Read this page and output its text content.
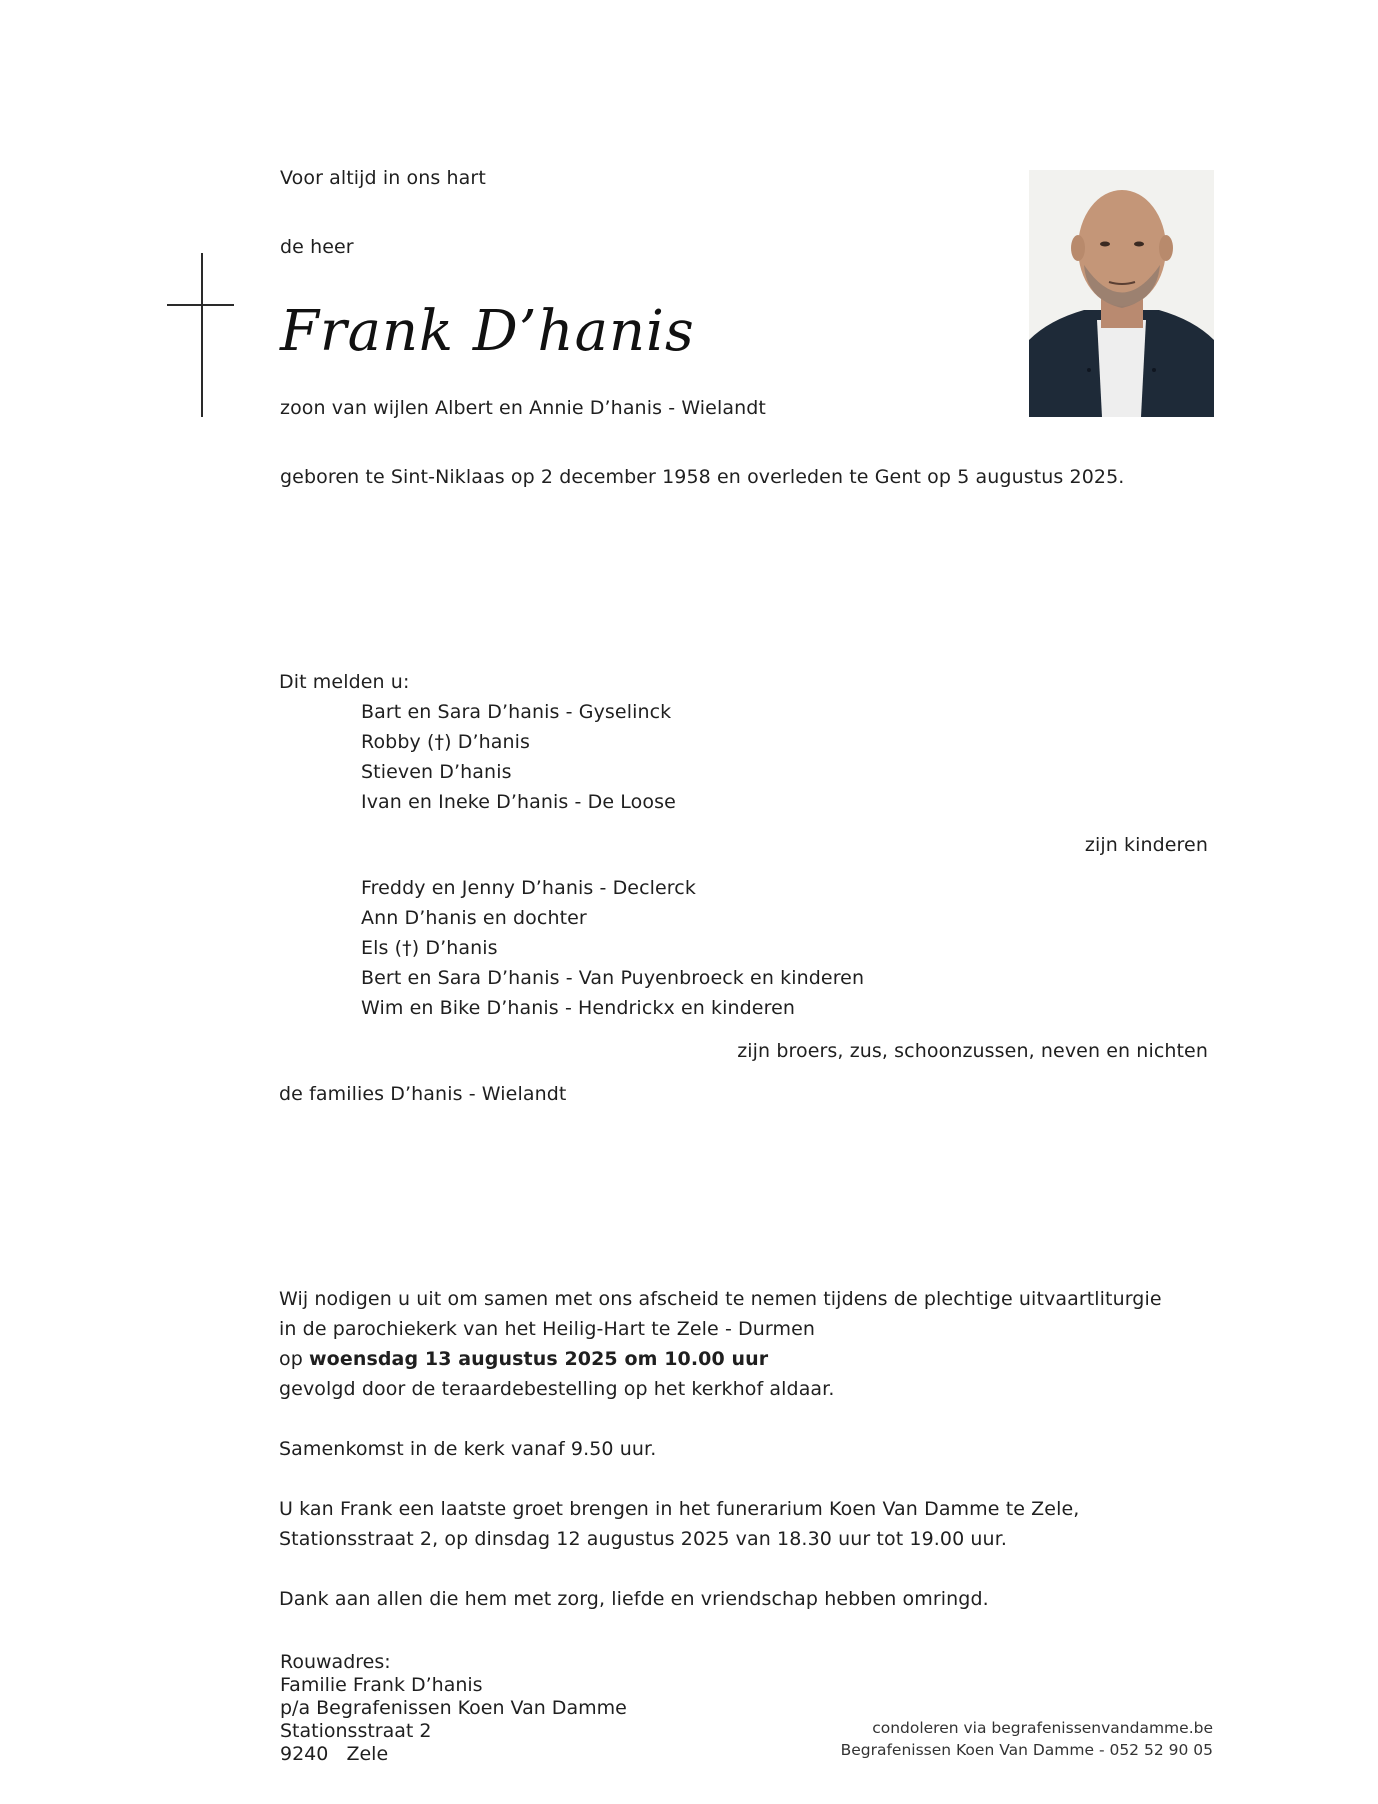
Voor altijd in ons hart
de heer
Frank D’hanis
zoon van wijlen Albert en Annie D’hanis - Wielandt
geboren te Sint-Niklaas op 2 december 1958 en overleden te Gent op 5 augustus 2025.
Dit melden u:
Bart en Sara D’hanis - Gyselinck
Robby (†) D’hanis
Stieven D’hanis
Ivan en Ineke D’hanis - De Loose
zijn kinderen
Freddy en Jenny D’hanis - Declerck
Ann D’hanis en dochter
Els (†) D’hanis
Bert en Sara D’hanis - Van Puyenbroeck en kinderen
Wim en Bike D’hanis - Hendrickx en kinderen
zijn broers, zus, schoonzussen, neven en nichten
de families D’hanis - Wielandt
Wij nodigen u uit om samen met ons afscheid te nemen tijdens de plechtige uitvaartliturgie
in de parochiekerk van het Heilig-Hart te Zele - Durmen
op woensdag 13 augustus 2025 om 10.00 uur
gevolgd door de teraardebestelling op het kerkhof aldaar.
Samenkomst in de kerk vanaf 9.50 uur.
U kan Frank een laatste groet brengen in het funerarium Koen Van Damme te Zele,
Stationsstraat 2, op dinsdag 12 augustus 2025 van 18.30 uur tot 19.00 uur.
Dank aan allen die hem met zorg, liefde en vriendschap hebben omringd.
Rouwadres:
Familie Frank D’hanis
p/a Begrafenissen Koen Van Damme
Stationsstraat 2
9240   Zele
condoleren via begrafenissenvandamme.be
Begrafenissen Koen Van Damme - 052 52 90 05
